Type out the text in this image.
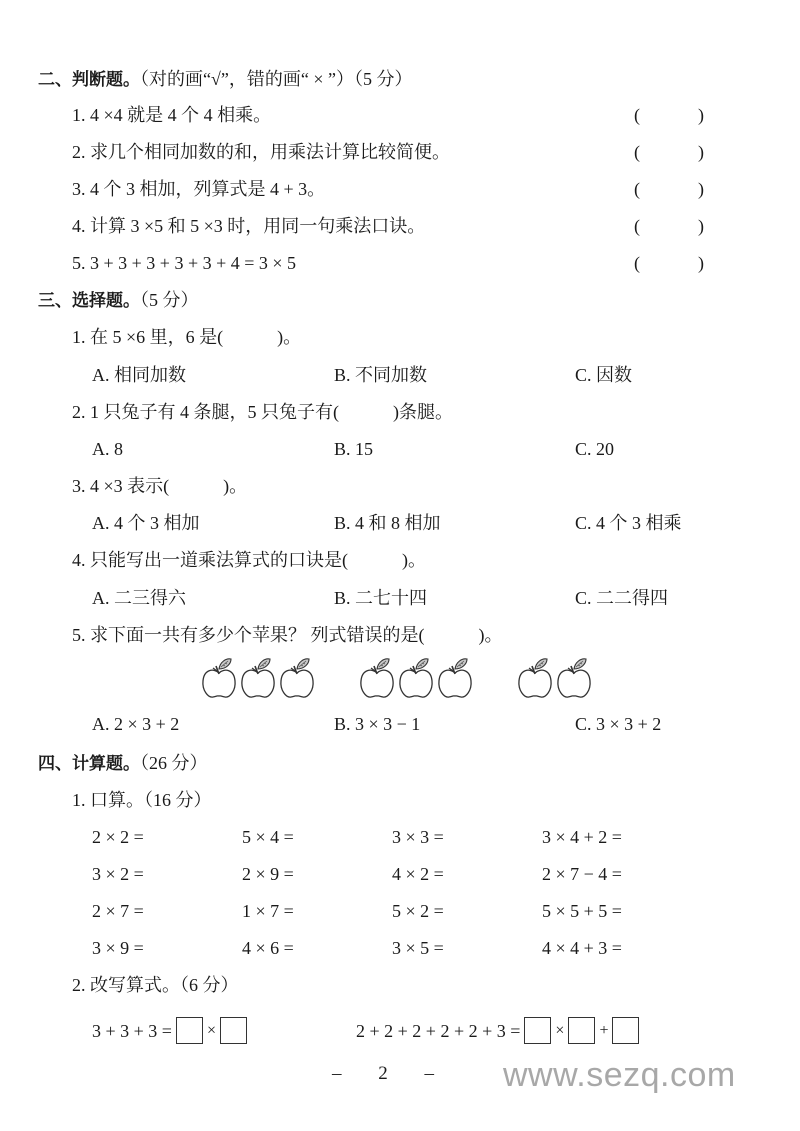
二、判断题。（对的画“√”，错的画“ × ”）（5 分）
1. 4 ×4 就是 4 个 4 相乘。	(	)
2. 求几个相同加数的和，用乘法计算比较简便。	(	)
3. 4 个 3 相加，列算式是 4 + 3。	(	)
4. 计算 3 ×5 和 5 ×3 时，用同一句乘法口诀。	(	)
5. 3 + 3 + 3 + 3 + 3 + 4 = 3 × 5	(	)
三、选择题。（5 分）
1. 在 5 ×6 里，6 是(　　　)。
A. 相同加数	B. 不同加数	C. 因数
2. 1 只兔子有 4 条腿，5 只兔子有(　　　)条腿。
A. 8	B. 15	C. 20
3. 4 ×3 表示(　　　)。
A. 4 个 3 相加	B. 4 和 8 相加	C. 4 个 3 相乘
4. 只能写出一道乘法算式的口诀是(　　　)。
A. 二三得六	B. 二七十四	C. 二二得四
5. 求下面一共有多少个苹果？ 列式错误的是(　　　)。
A. 2 × 3 + 2	B. 3 × 3 − 1	C. 3 × 3 + 2
四、计算题。（26 分）
1. 口算。（16 分）
2 × 2 =	5 × 4 =	3 × 3 =	3 × 4 + 2 =
3 × 2 =	2 × 9 =	4 × 2 =	2 × 7 − 4 =
2 × 7 =	1 × 7 =	5 × 2 =	5 × 5 + 5 =
3 × 9 =	4 × 6 =	3 × 5 =	4 × 4 + 3 =
2. 改写算式。（6 分）
3 + 3 + 3 = ×	2 + 2 + 2 + 2 + 2 + 3 = × +
– 2 – www.sezq.com
